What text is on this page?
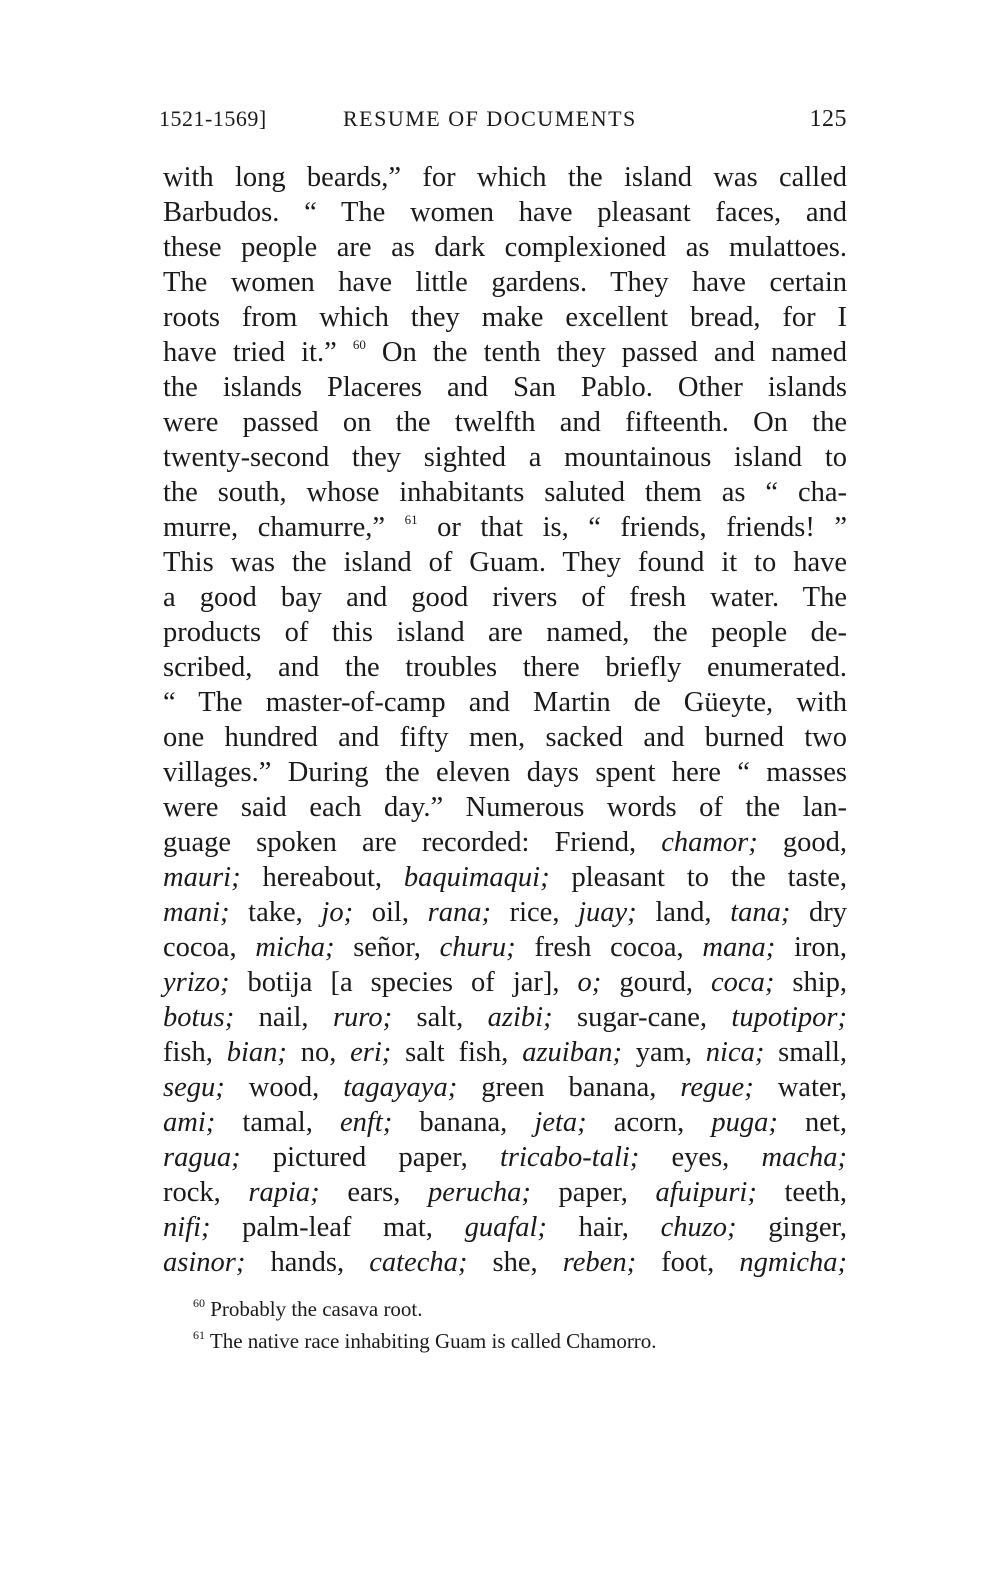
1521-1569]	RESUME OF DOCUMENTS	125
with long beards,” for which the island was called
Barbudos. “ The women have pleasant faces, and
these people are as dark complexioned as mulattoes.
The women have little gardens. They have certain
roots from which they make excellent bread, for I
have tried it.” $^{60}$ On the tenth they passed and named
the islands Placeres and San Pablo. Other islands
were passed on the twelfth and fifteenth. On the
twenty-second they sighted a mountainous island to
the south, whose inhabitants saluted them as “ cha-
murre, chamurre,” $^{61}$ or that is, “ friends, friends! ”
This was the island of Guam. They found it to have
a good bay and good rivers of fresh water. The
products of this island are named, the people de-
scribed, and the troubles there briefly enumerated.
“ The master-of-camp and Martin de Güeyte, with
one hundred and fifty men, sacked and burned two
villages.” During the eleven days spent here “ masses
were said each day.” Numerous words of the lan-
guage spoken are recorded: Friend, chamor; good,
mauri; hereabout, baquimaqui; pleasant to the taste,
mani; take, jo; oil, rana; rice, juay; land, tana; dry
cocoa, micha; señor, churu; fresh cocoa, mana; iron,
yrizo; botija [a species of jar], o; gourd, coca; ship,
botus; nail, ruro; salt, azibi; sugar-cane, tupotipor;
fish, bian; no, eri; salt fish, azuiban; yam, nica; small,
segu; wood, tagayaya; green banana, regue; water,
ami; tamal, enft; banana, jeta; acorn, puga; net,
ragua; pictured paper, tricabo-tali; eyes, macha;
rock, rapia; ears, perucha; paper, afuipuri; teeth,
nifi; palm-leaf mat, guafal; hair, chuzo; ginger,
asinor; hands, catecha; she, reben; foot, ngmicha;
$^{60}$ Probably the casava root.
$^{61}$ The native race inhabiting Guam is called Chamorro.
